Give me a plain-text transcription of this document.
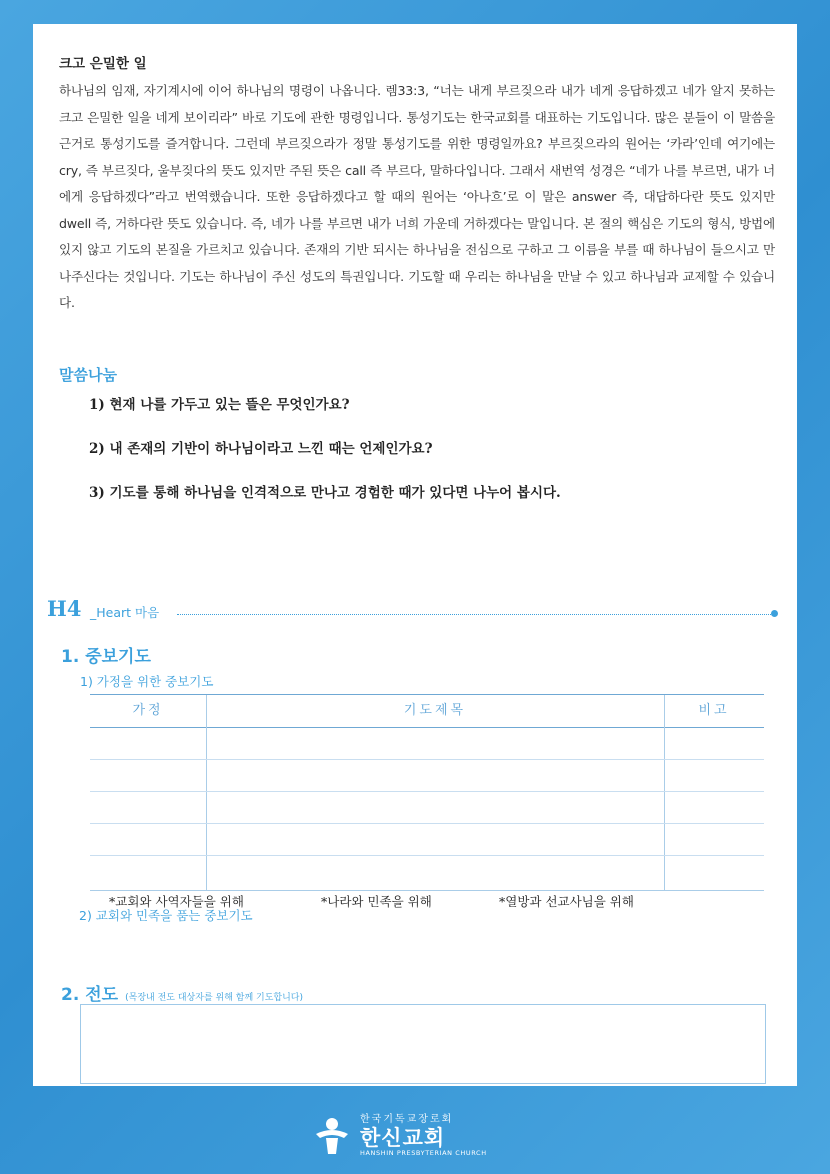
크고 은밀한 일
하나님의 임재, 자기계시에 이어 하나님의 명령이 나옵니다. 렘33:3, “너는 내게 부르짖으라 내가 네게 응답하겠고 네가 알지 못하는 크고 은밀한 일을 네게 보이리라” 바로 기도에 관한 명령입니다. 통성기도는 한국교회를 대표하는 기도입니다. 많은 분들이 이 말씀을 근거로 통성기도를 즐겨합니다. 그런데 부르짖으라가 정말 통성기도를 위한 명령일까요? 부르짖으라의 원어는 ‘카라’인데 여기에는 cry, 즉 부르짖다, 울부짖다의 뜻도 있지만 주된 뜻은 call 즉 부르다, 말하다입니다. 그래서 새번역 성경은 “네가 나를 부르면, 내가 너에게 응답하겠다”라고 번역했습니다. 또한 응답하겠다고 할 때의 원어는 ‘아나흐’로 이 말은 answer 즉, 대답하다란 뜻도 있지만 dwell 즉, 거하다란 뜻도 있습니다. 즉, 네가 나를 부르면 내가 너희 가운데 거하겠다는 말입니다. 본 절의 핵심은 기도의 형식, 방법에 있지 않고 기도의 본질을 가르치고 있습니다. 존재의 기반 되시는 하나님을 전심으로 구하고 그 이름을 부를 때 하나님이 들으시고 만나주신다는 것입니다. 기도는 하나님이 주신 성도의 특권입니다. 기도할 때 우리는 하나님을 만날 수 있고 하나님과 교제할 수 있습니다.
말씀나눔
1) 현재 나를 가두고 있는 뜰은 무엇인가요?
2) 내 존재의 기반이 하나님이라고 느낀 때는 언제인가요?
3) 기도를 통해 하나님을 인격적으로 만나고 경험한 때가 있다면 나누어 봅시다.
H4 _Heart 마음
1. 중보기도
1) 가정을 위한 중보기도
가정	기도제목	비고
*교회와 사역자들을 위해	*나라와 민족을 위해	*열방과 선교사님을 위해
2) 교회와 민족을 품는 중보기도
2. 전도 (목장내 전도 대상자를 위해 함께 기도합니다)
한국기독교장로회
한신교회
HANSHIN PRESBYTERIAN CHURCH
